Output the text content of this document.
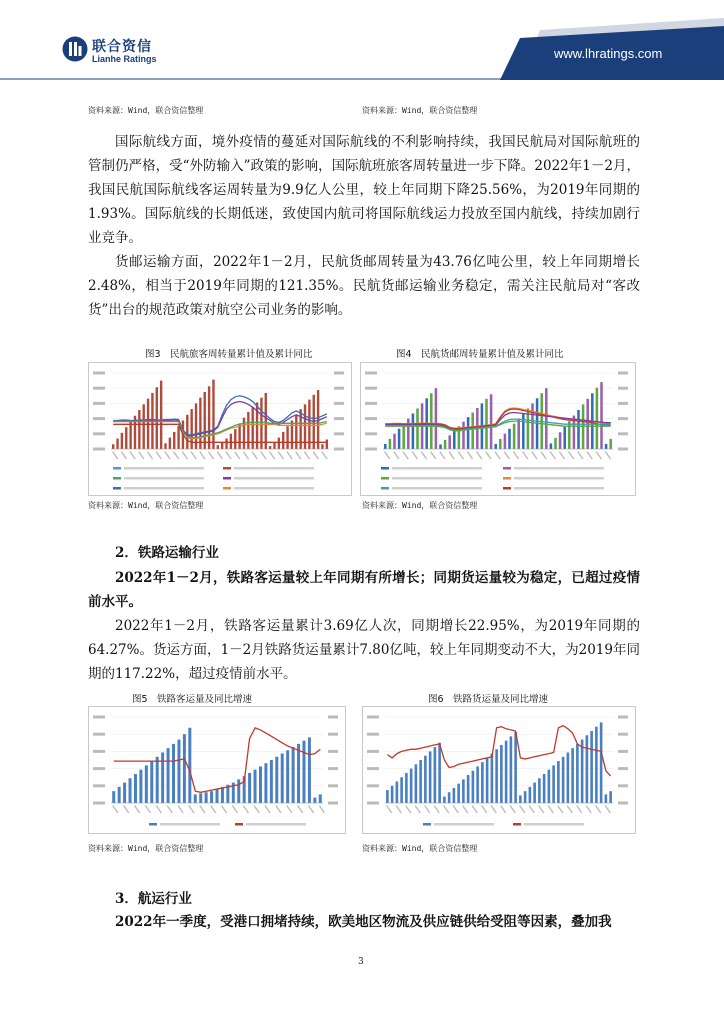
联合资信
Lianhe Ratings	www.lhratings.com
资料来源：Wind，联合资信整理	资料来源：Wind，联合资信整理

国际航线方面，境外疫情的蔓延对国际航线的不利影响持续，我国民航局对国际航班的管制仍严格，受“外防输入”政策的影响，国际航班旅客周转量进一步下降。2022年1－2月，我国民航国际航线客运周转量为9.9亿人公里，较上年同期下降25.56%，为2019年同期的1.93%。国际航线的长期低迷，致使国内航司将国际航线运力投放至国内航线，持续加剧行业竞争。

货邮运输方面，2022年1－2月，民航货邮周转量为43.76亿吨公里，较上年同期增长2.48%，相当于2019年同期的121.35%。民航货邮运输业务稳定，需关注民航局对“客改货”出台的规范政策对航空公司业务的影响。

图3　民航旅客周转量累计值及累计同比	图4　民航货邮周转量累计值及累计同比
资料来源：Wind，联合资信整理	资料来源：Wind，联合资信整理
2．铁路运输行业

2022年1－2月，铁路客运量较上年同期有所增长；同期货运量较为稳定，已超过疫情前水平。

2022年1－2月，铁路客运量累计3.69亿人次，同期增长22.95%，为2019年同期的64.27%。货运方面，1－2月铁路货运量累计7.80亿吨，较上年同期变动不大，为2019年同期的117.22%，超过疫情前水平。

图5　铁路客运量及同比增速	图6　铁路货运量及同比增速
资料来源：Wind，联合资信整理	资料来源：Wind，联合资信整理
3．航运行业

2022年一季度，受港口拥堵持续，欧美地区物流及供应链供给受阻等因素，叠加我

3
